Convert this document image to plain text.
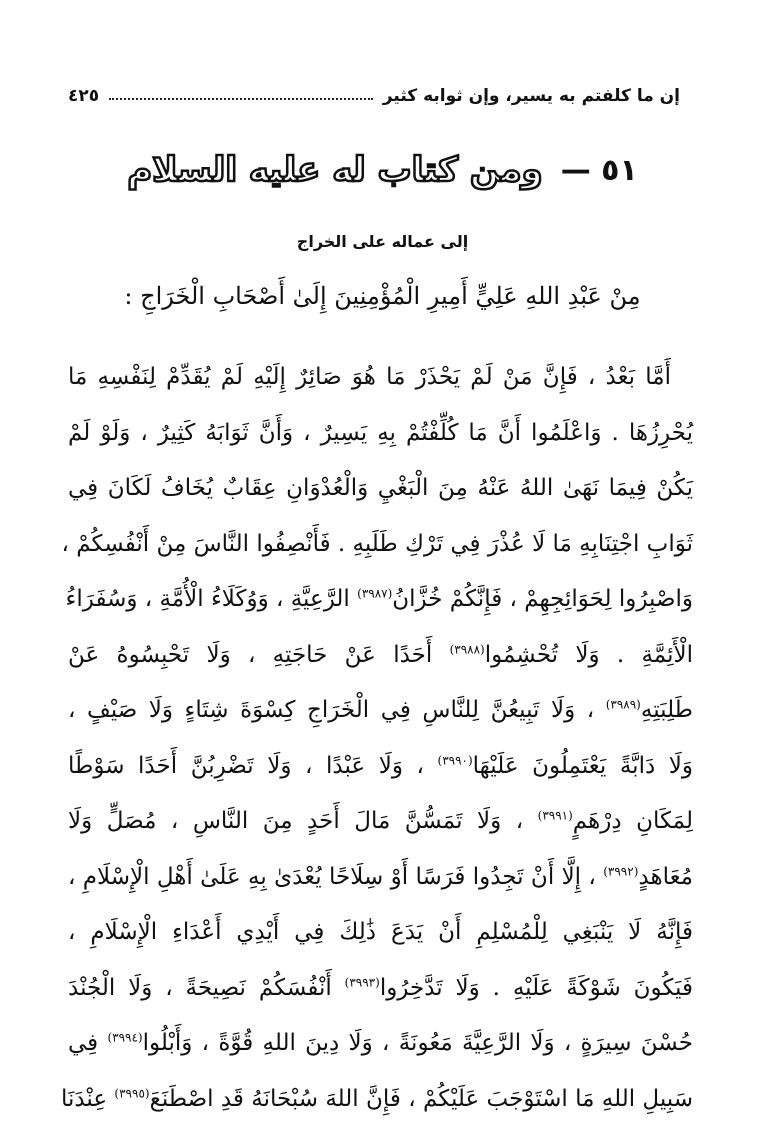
إن ما كلفتم به يسير، وإن ثوابه كثير
٤٢٥
٥١ —
ومن كتاب له عليه السلام
إلى عماله على الخراج
مِنْ عَبْدِ اللهِ عَلِيٍّ أَمِيرِ الْمُؤْمِنِينَ إِلَىٰ أَصْحَابِ الْخَرَاجِ :
أَمَّا بَعْدُ ، فَإِنَّ مَنْ لَمْ يَحْذَرْ مَا هُوَ صَائِرٌ إِلَيْهِ لَمْ يُقَدِّمْ لِنَفْسِهِ مَا
يُحْرِزُهَا . وَاعْلَمُوا أَنَّ مَا كُلِّفْتُمْ بِهِ يَسِيرٌ ، وَأَنَّ ثَوَابَهُ كَثِيرٌ ، وَلَوْ لَمْ
يَكُنْ فِيمَا نَهَىٰ اللهُ عَنْهُ مِنَ الْبَغْيِ وَالْعُدْوَانِ عِقَابٌ يُخَافُ لَكَانَ فِي
ثَوَابِ اجْتِنَابِهِ مَا لَا عُذْرَ فِي تَرْكِ طَلَبِهِ . فَأَنْصِفُوا النَّاسَ مِنْ أَنْفُسِكُمْ ،
وَاصْبِرُوا لِحَوَائِجِهِمْ ، فَإِنَّكُمْ خُزَّانُ$^{(٣٩٨٧)}$ الرَّعِيَّةِ ، وَوُكَلَاءُ الْأُمَّةِ ، وَسُفَرَاءُ
الْأَئِمَّةِ . وَلَا تُحْشِمُوا$^{(٣٩٨٨)}$ أَحَدًا عَنْ حَاجَتِهِ ، وَلَا تَحْبِسُوهُ عَنْ
طَلِبَتِهِ$^{(٣٩٨٩)}$ ، وَلَا تَبِيعُنَّ لِلنَّاسِ فِي الْخَرَاجِ كِسْوَةَ شِتَاءٍ وَلَا صَيْفٍ ،
وَلَا دَابَّةً يَعْتَمِلُونَ عَلَيْهَا$^{(٣٩٩٠)}$ ، وَلَا عَبْدًا ، وَلَا تَضْرِبُنَّ أَحَدًا سَوْطًا
لِمَكَانِ دِرْهَمٍ$^{(٣٩٩١)}$ ، وَلَا تَمَسُّنَّ مَالَ أَحَدٍ مِنَ النَّاسِ ، مُصَلٍّ وَلَا
مُعَاهَدٍ$^{(٣٩٩٢)}$ ، إِلَّا أَنْ تَجِدُوا فَرَسًا أَوْ سِلَاحًا يُعْدَىٰ بِهِ عَلَىٰ أَهْلِ الْإِسْلَامِ ،
فَإِنَّهُ لَا يَنْبَغِي لِلْمُسْلِمِ أَنْ يَدَعَ ذَٰلِكَ فِي أَيْدِي أَعْدَاءِ الْإِسْلَامِ ،
فَيَكُونَ شَوْكَةً عَلَيْهِ . وَلَا تَدَّخِرُوا$^{(٣٩٩٣)}$ أَنْفُسَكُمْ نَصِيحَةً ، وَلَا الْجُنْدَ
حُسْنَ سِيرَةٍ ، وَلَا الرَّعِيَّةَ مَعُونَةً ، وَلَا دِينَ اللهِ قُوَّةً ، وَأَبْلُوا$^{(٣٩٩٤)}$ فِي
سَبِيلِ اللهِ مَا اسْتَوْجَبَ عَلَيْكُمْ ، فَإِنَّ اللهَ سُبْحَانَهُ قَدِ اصْطَنَعَ$^{(٣٩٩٥)}$ عِنْدَنَا
